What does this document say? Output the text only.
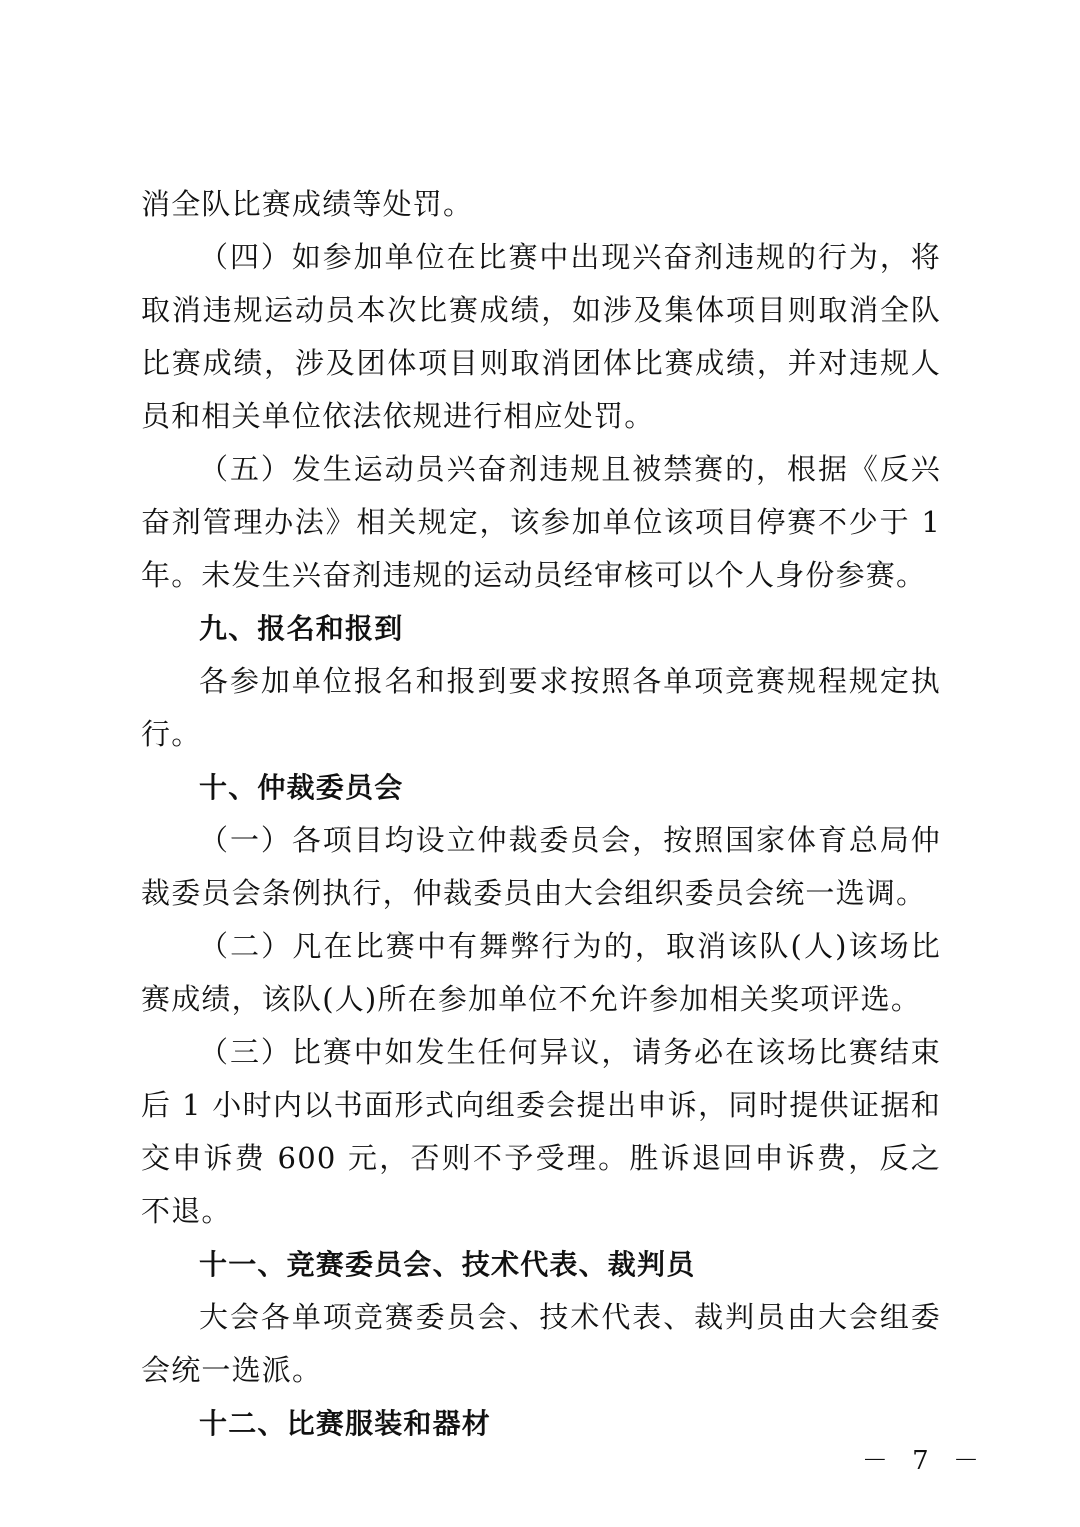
消全队比赛成绩等处罚。

（四）如参加单位在比赛中出现兴奋剂违规的行为，将取消违规运动员本次比赛成绩，如涉及集体项目则取消全队比赛成绩，涉及团体项目则取消团体比赛成绩，并对违规人员和相关单位依法依规进行相应处罚。

（五）发生运动员兴奋剂违规且被禁赛的，根据《反兴奋剂管理办法》相关规定，该参加单位该项目停赛不少于 1 年。未发生兴奋剂违规的运动员经审核可以个人身份参赛。

九、报名和报到

各参加单位报名和报到要求按照各单项竞赛规程规定执行。

十、仲裁委员会

（一）各项目均设立仲裁委员会，按照国家体育总局仲裁委员会条例执行，仲裁委员由大会组织委员会统一选调。

（二）凡在比赛中有舞弊行为的，取消该队(人)该场比赛成绩，该队(人)所在参加单位不允许参加相关奖项评选。

（三）比赛中如发生任何异议，请务必在该场比赛结束后 1 小时内以书面形式向组委会提出申诉，同时提供证据和交申诉费 600 元，否则不予受理。胜诉退回申诉费，反之不退。

十一、竞赛委员会、技术代表、裁判员

大会各单项竞赛委员会、技术代表、裁判员由大会组委会统一选派。

十二、比赛服装和器材
－ 7 －
